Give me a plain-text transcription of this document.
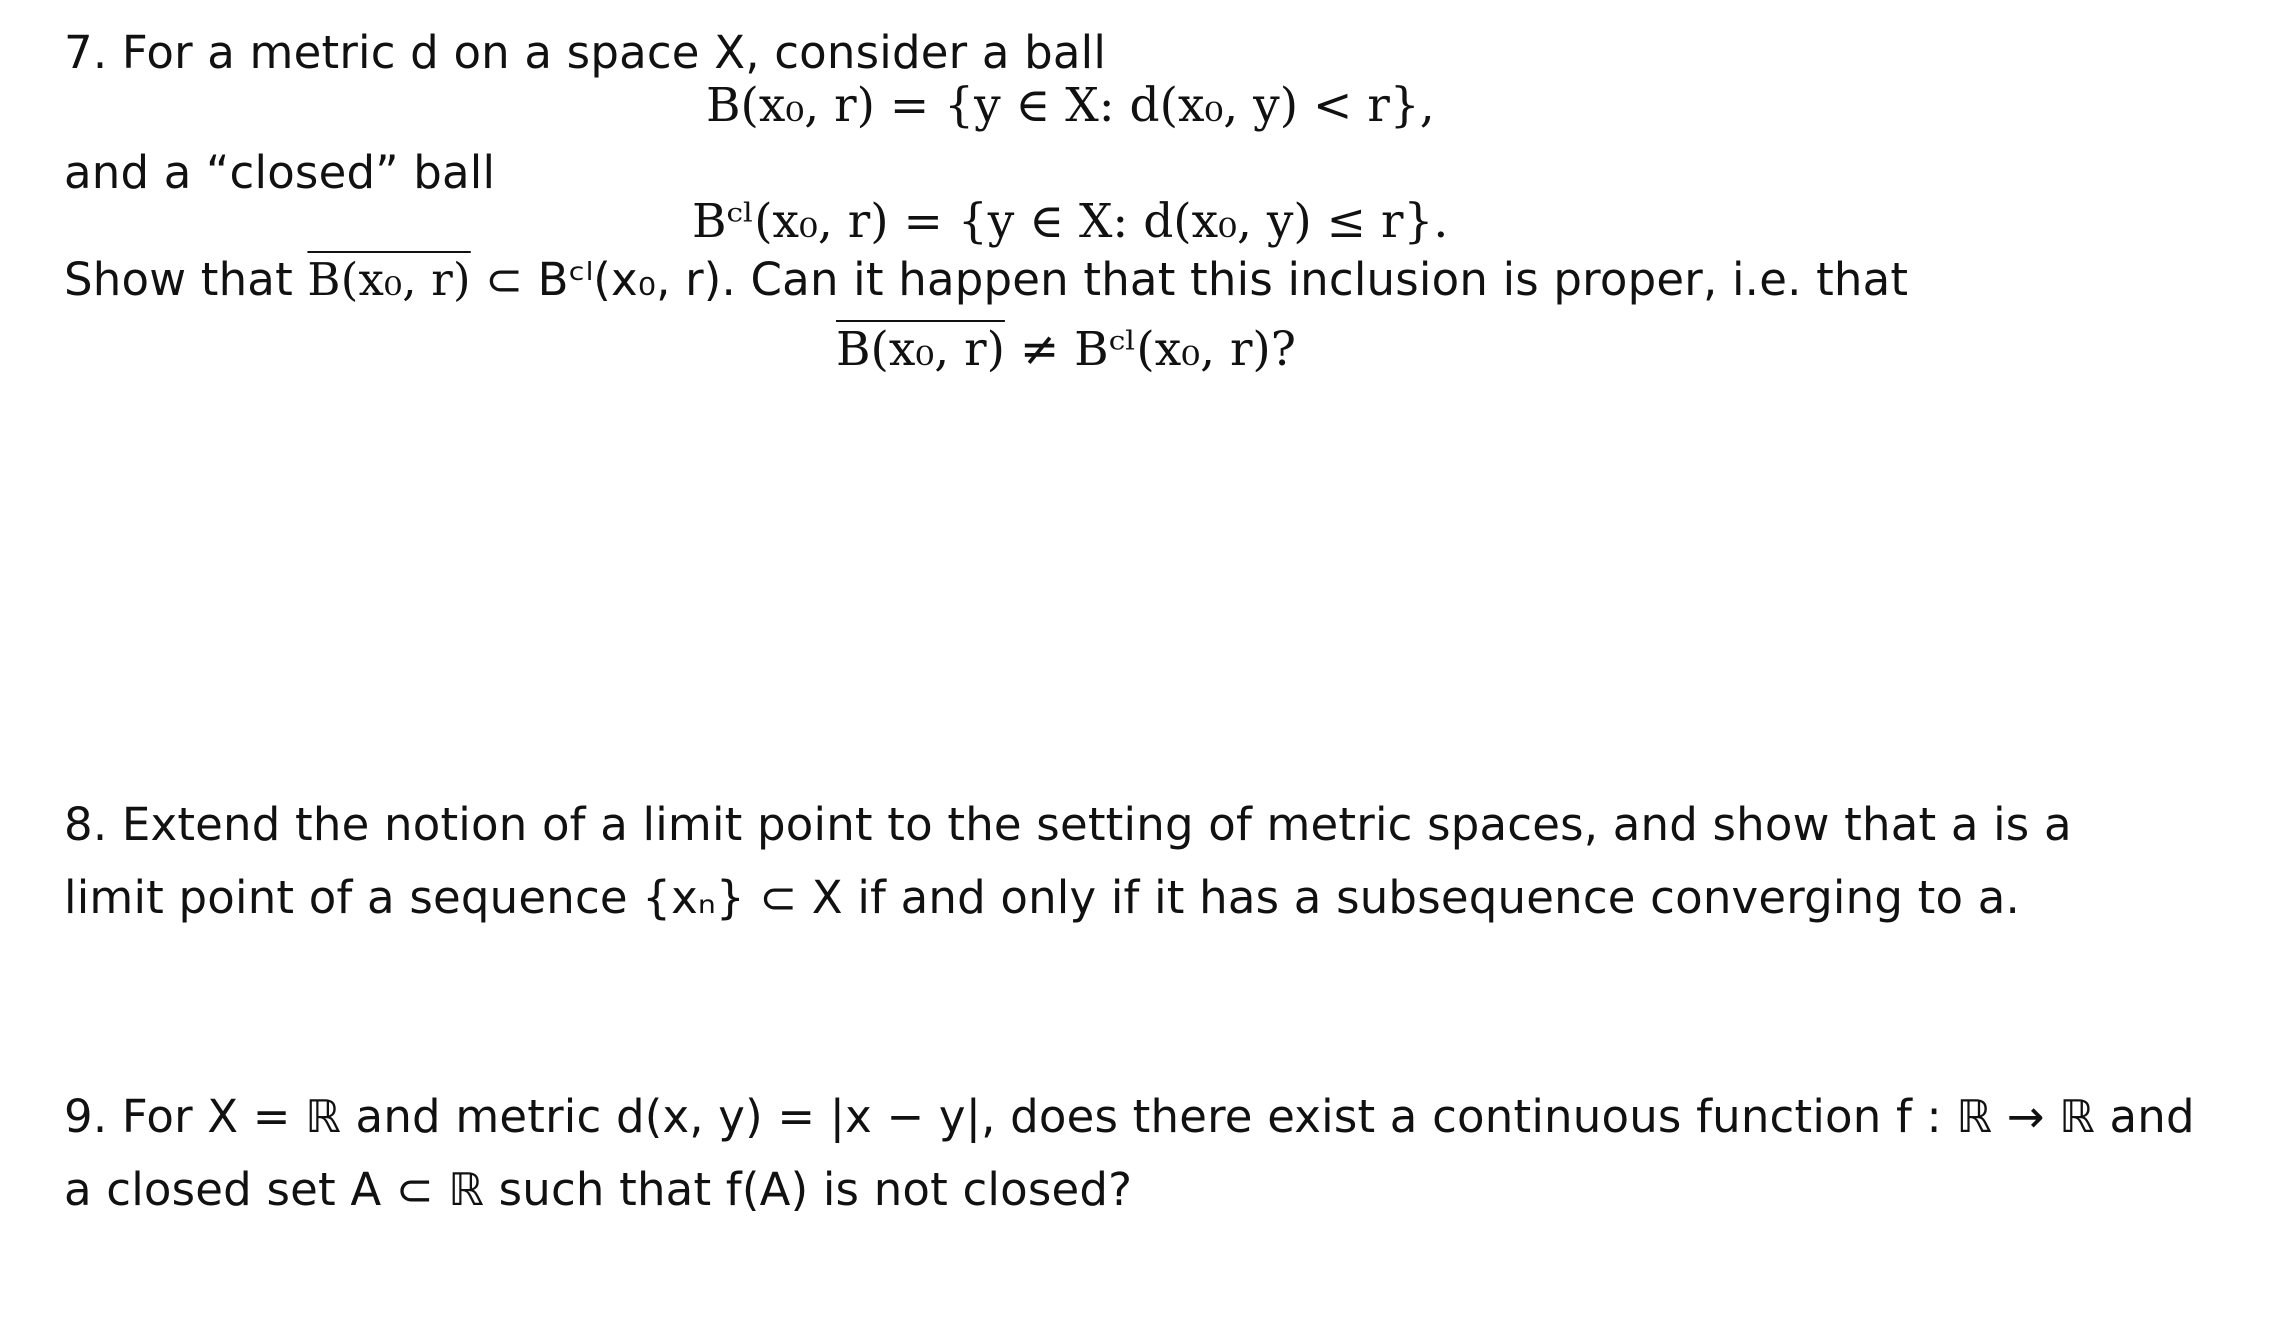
7. For a metric d on a space X, consider a ball
B(x₀, r) = {y ∈ X: d(x₀, y) < r},
and a “closed” ball
Bᶜˡ(x₀, r) = {y ∈ X: d(x₀, y) ≤ r}.
Show that B(x₀, r) ⊂ Bᶜˡ(x₀, r). Can it happen that this inclusion is proper, i.e. that
B(x₀, r) ≠ Bᶜˡ(x₀, r)?
8. Extend the notion of a limit point to the setting of metric spaces, and show that a is a
limit point of a sequence {xₙ} ⊂ X if and only if it has a subsequence converging to a.
9. For X = ℝ and metric d(x, y) = |x − y|, does there exist a continuous function f : ℝ → ℝ and
a closed set A ⊂ ℝ such that f(A) is not closed?
